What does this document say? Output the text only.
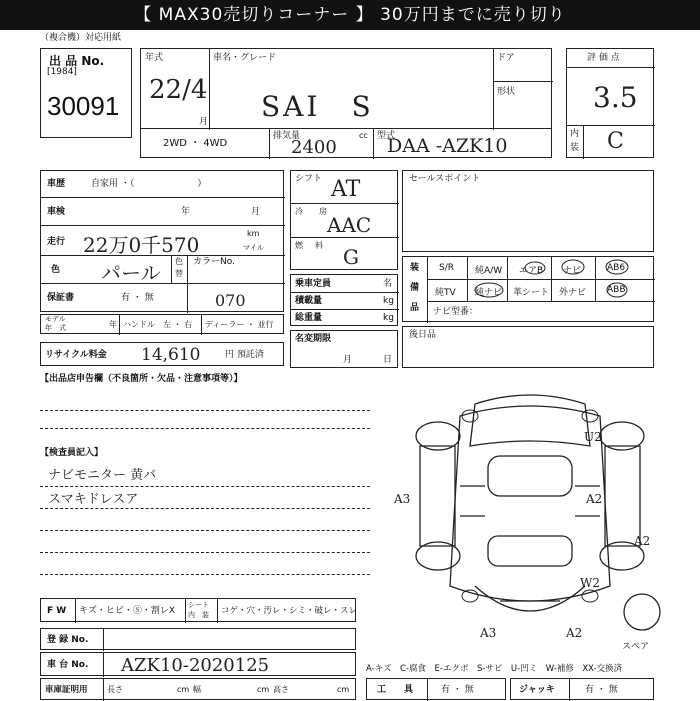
【 MAX30売切りコーナー 】 30万円までに売り切り
（複合機）対応用紙
出 品 No.
[1984]
30091
年式
22/4
月
車名・グレード
SAI　S
ドア
形状
2WD ・ 4WD
排気量	cc
2400
型式
DAA -AZK10
評 価 点
3.5
内
装 C
車歴	自家用 ・（　　　　　　　）
車検	年	月
走行 22万0千570	km
マイル
色 パール 色
替
カラーNo.
070
保証書	有 ・ 無
モデル
年　式	年 ハンドル　左 ・ 右 ディーラー ・ 並行
リサイクル料金 14,610	円 預託済
シフト AT
冷 房
AAC
燃 料 G
乗車定員	名
積載量	kg
総重量	kg
名変期限
月	日
セールスポイント
装
備
品
S/R 純A/W エアB ナビ	AB6
純TV 純ナビ 革シート 外ナビ ABB
ナビ型番：
後日品
【出品店申告欄（不良箇所・欠品・注意事項等）】
【検査員記入】
ナビモニター 黄バ
スマキドレスア
U2
A3	A2
A2
W2
A3	A2
スペア
F W キズ・ヒビ・Ⓢ・割レX
シート
内　装 コゲ・穴・汚レ・シミ・破レ・スレ
登 録 No.
車 台 No. AZK10-2020125
車庫証明用 長さ	cm 幅	cm 高さ	cm
A-キズ　C-腐食　E-エクボ　S-サビ　U-凹ミ　W-補修　XX-交換済
工　　具	有 ・ 無	ジャッキ	有 ・ 無
